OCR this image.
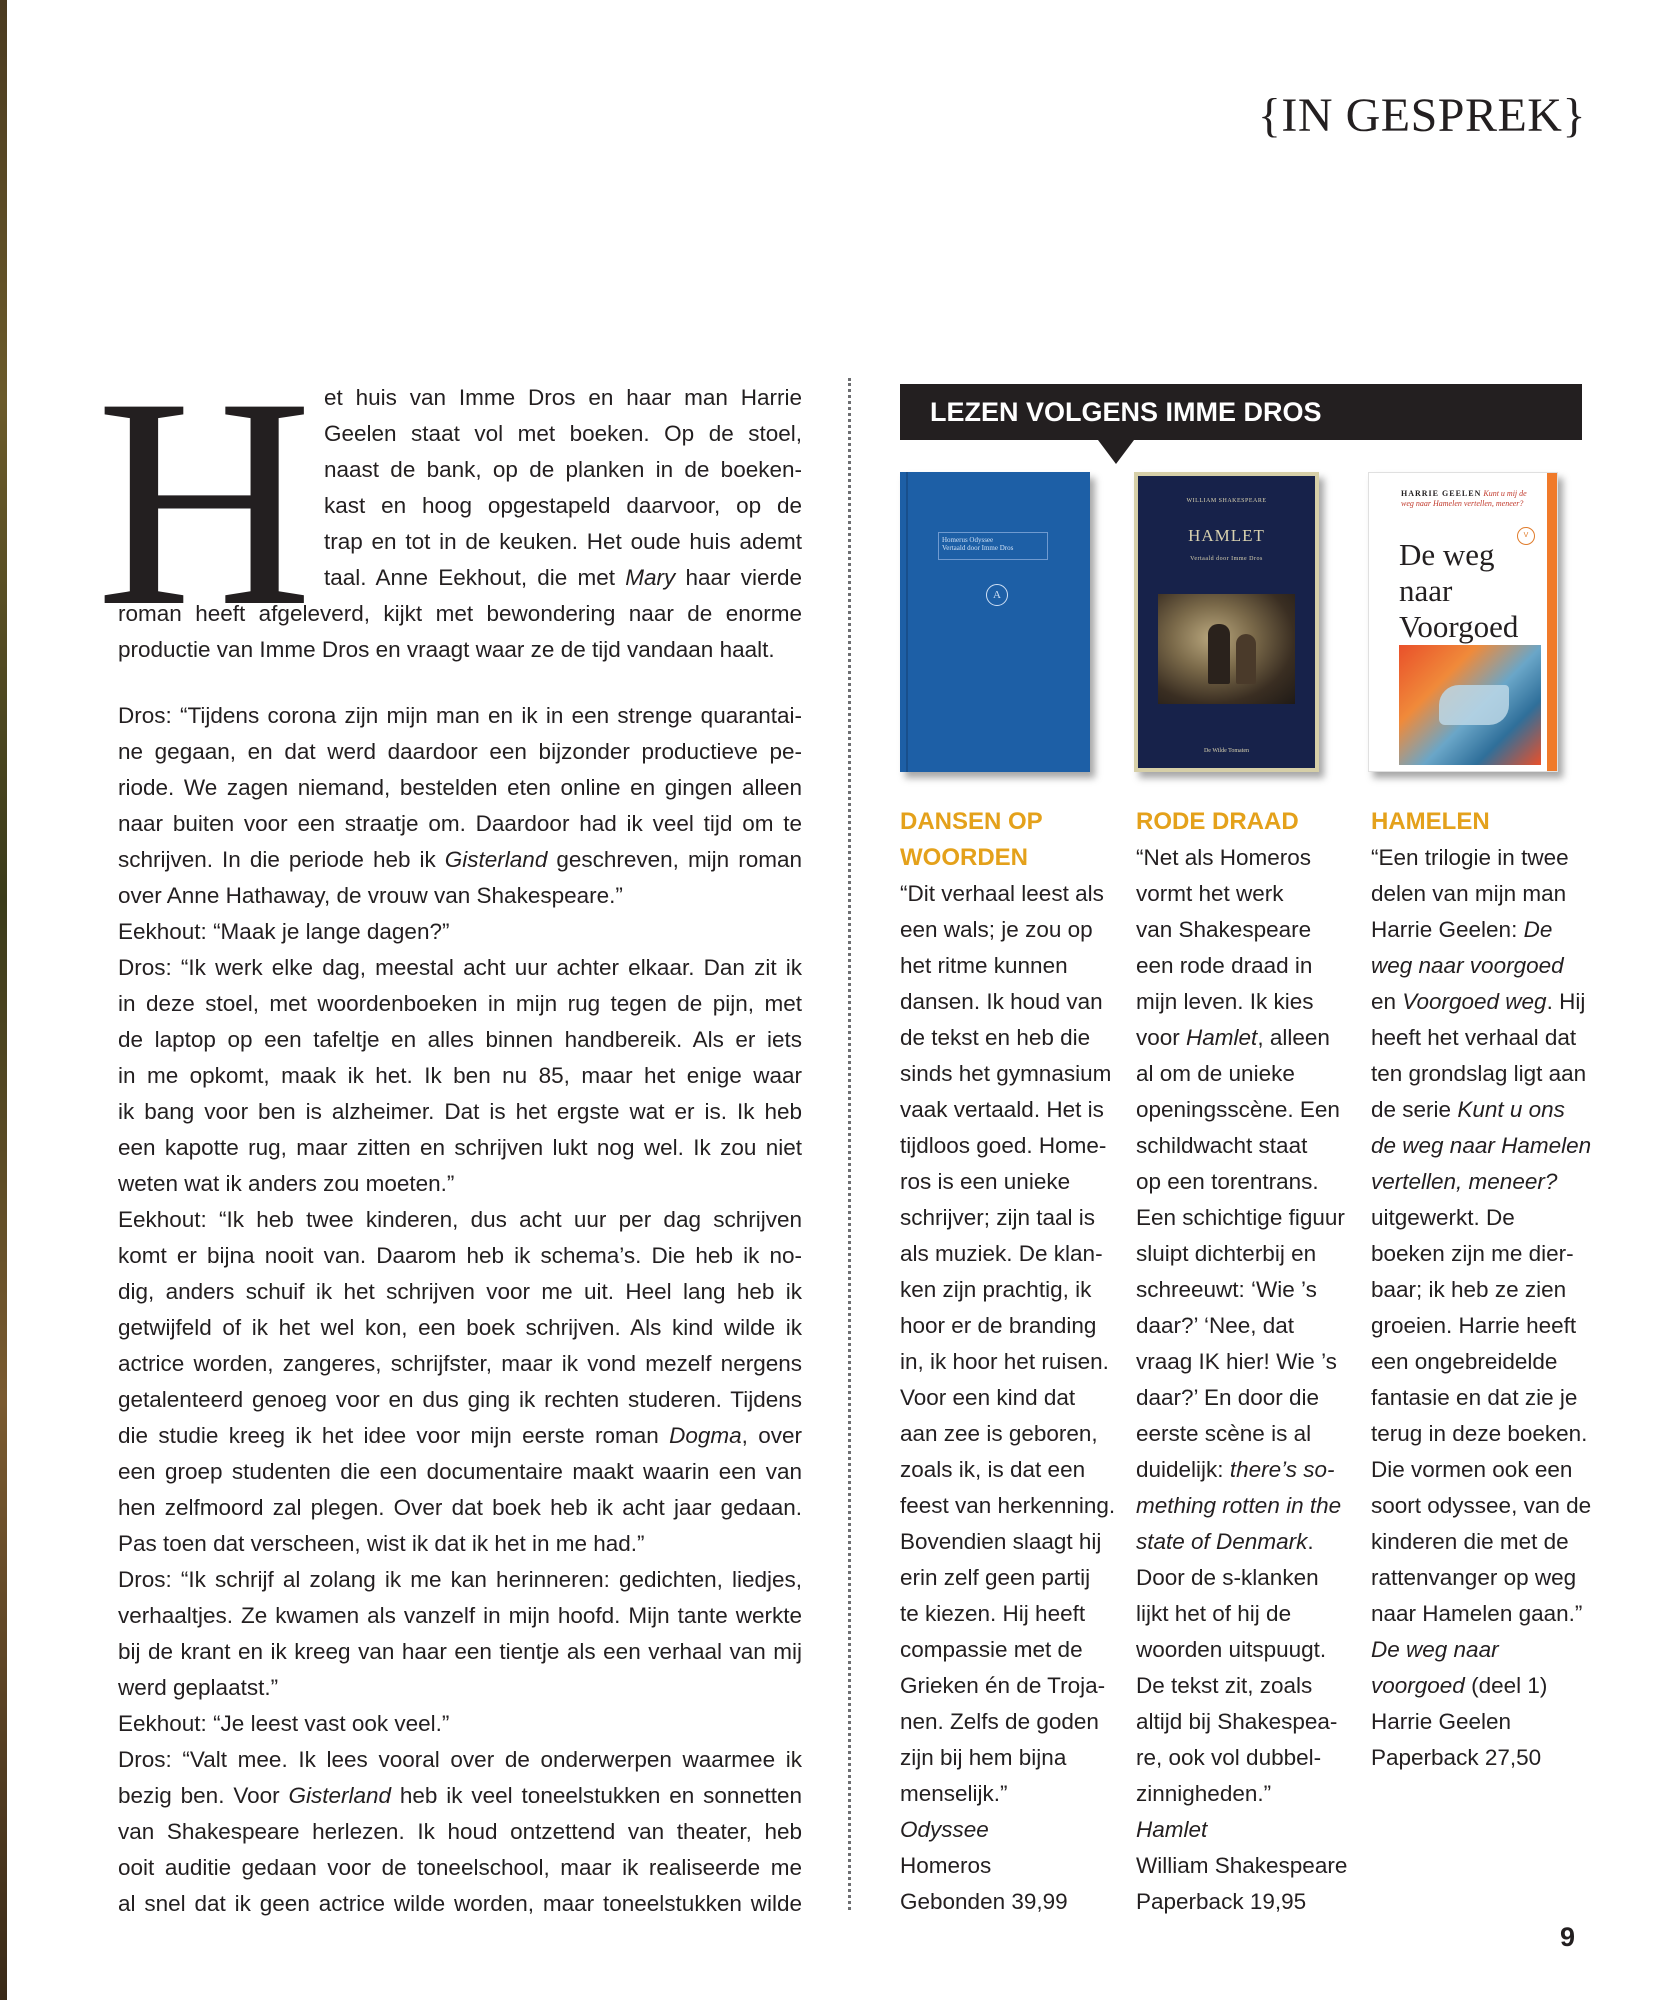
{IN GESPREK}
H et huis van Imme Dros en haar man Harrie
Geelen staat vol met boeken. Op de stoel,
naast de bank, op de planken in de boeken-
kast en hoog opgestapeld daarvoor, op de
trap en tot in de keuken. Het oude huis ademt
taal. Anne Eekhout, die met Mary haar vierde
roman heeft afgeleverd, kijkt met bewondering naar de enorme
productie van Imme Dros en vraagt waar ze de tijd vandaan haalt.
Dros: “Tijdens corona zijn mijn man en ik in een strenge quarantai-
ne gegaan, en dat werd daardoor een bijzonder productieve pe-
riode. We zagen niemand, bestelden eten online en gingen alleen
naar buiten voor een straatje om. Daardoor had ik veel tijd om te
schrijven. In die periode heb ik Gisterland geschreven, mijn roman
over Anne Hathaway, de vrouw van Shakespeare.”
Eekhout: “Maak je lange dagen?”
Dros: “Ik werk elke dag, meestal acht uur achter elkaar. Dan zit ik
in deze stoel, met woordenboeken in mijn rug tegen de pijn, met
de laptop op een tafeltje en alles binnen handbereik. Als er iets
in me opkomt, maak ik het. Ik ben nu 85, maar het enige waar
ik bang voor ben is alzheimer. Dat is het ergste wat er is. Ik heb
een kapotte rug, maar zitten en schrijven lukt nog wel. Ik zou niet
weten wat ik anders zou moeten.”
Eekhout: “Ik heb twee kinderen, dus acht uur per dag schrijven
komt er bijna nooit van. Daarom heb ik schema’s. Die heb ik no-
dig, anders schuif ik het schrijven voor me uit. Heel lang heb ik
getwijfeld of ik het wel kon, een boek schrijven. Als kind wilde ik
actrice worden, zangeres, schrijfster, maar ik vond mezelf nergens
getalenteerd genoeg voor en dus ging ik rechten studeren. Tijdens
die studie kreeg ik het idee voor mijn eerste roman Dogma, over
een groep studenten die een documentaire maakt waarin een van
hen zelfmoord zal plegen. Over dat boek heb ik acht jaar gedaan.
Pas toen dat verscheen, wist ik dat ik het in me had.”
Dros: “Ik schrijf al zolang ik me kan herinneren: gedichten, liedjes,
verhaaltjes. Ze kwamen als vanzelf in mijn hoofd. Mijn tante werkte
bij de krant en ik kreeg van haar een tientje als een verhaal van mij
werd geplaatst.”
Eekhout: “Je leest vast ook veel.”
Dros: “Valt mee. Ik lees vooral over de onderwerpen waarmee ik
bezig ben. Voor Gisterland heb ik veel toneelstukken en sonnetten
van Shakespeare herlezen. Ik houd ontzettend van theater, heb
ooit auditie gedaan voor de toneelschool, maar ik realiseerde me
al snel dat ik geen actrice wilde worden, maar toneelstukken wilde
LEZEN VOLGENS IMME DROS
Homerus Odyssee
Vertaald door Imme Dros
A
WILLIAM SHAKESPEARE
HAMLET
Vertaald door Imme Dros
De Wilde Tomaten
HARRIE GEELEN Kunt u mij de weg naar Hamelen vertellen, meneer?
V
De weg
naar
Voorgoed
DANSEN OP
WOORDEN
“Dit verhaal leest als
een wals; je zou op
het ritme kunnen
dansen. Ik houd van
de tekst en heb die
sinds het gymnasium
vaak vertaald. Het is
tijdloos goed. Home-
ros is een unieke
schrijver; zijn taal is
als muziek. De klan-
ken zijn prachtig, ik
hoor er de branding
in, ik hoor het ruisen.
Voor een kind dat
aan zee is geboren,
zoals ik, is dat een
feest van herkenning.
Bovendien slaagt hij
erin zelf geen partij
te kiezen. Hij heeft
compassie met de
Grieken én de Troja-
nen. Zelfs de goden
zijn bij hem bijna
menselijk.”
Odyssee
Homeros
Gebonden 39,99
RODE DRAAD
“Net als Homeros
vormt het werk
van Shakespeare
een rode draad in
mijn leven. Ik kies
voor Hamlet, alleen
al om de unieke
openingsscène. Een
schildwacht staat
op een torentrans.
Een schichtige figuur
sluipt dichterbij en
schreeuwt: ‘Wie ’s
daar?’ ‘Nee, dat
vraag IK hier! Wie ’s
daar?’ En door die
eerste scène is al
duidelijk: there’s so-
mething rotten in the
state of Denmark.
Door de s-klanken
lijkt het of hij de
woorden uitspuugt.
De tekst zit, zoals
altijd bij Shakespea-
re, ook vol dubbel-
zinnigheden.”
Hamlet
William Shakespeare
Paperback 19,95
HAMELEN
“Een trilogie in twee
delen van mijn man
Harrie Geelen: De
weg naar voorgoed
en Voorgoed weg. Hij
heeft het verhaal dat
ten grondslag ligt aan
de serie Kunt u ons
de weg naar Hamelen
vertellen, meneer?
uitgewerkt. De
boeken zijn me dier-
baar; ik heb ze zien
groeien. Harrie heeft
een ongebreidelde
fantasie en dat zie je
terug in deze boeken.
Die vormen ook een
soort odyssee, van de
kinderen die met de
rattenvanger op weg
naar Hamelen gaan.”
De weg naar
voorgoed (deel 1)
Harrie Geelen
Paperback 27,50
9
